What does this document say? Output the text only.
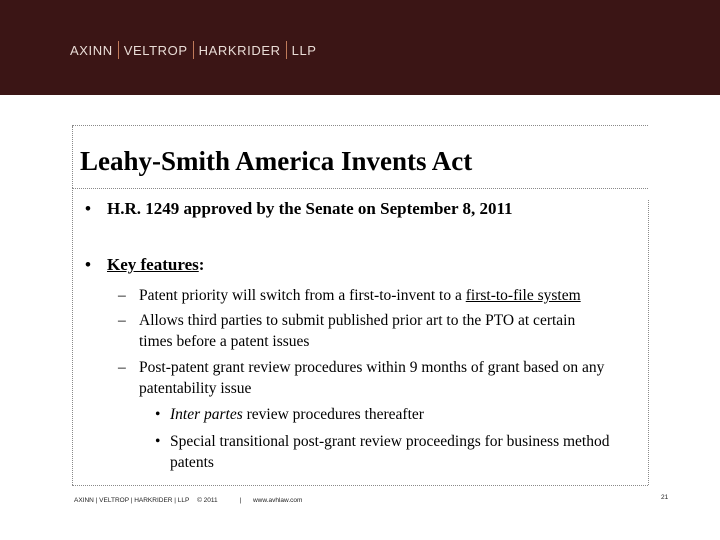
AXINN VELTROP HARKRIDER LLP
Leahy-Smith America Invents Act
• H.R. 1249 approved by the Senate on September 8, 2011
• Key features:
– Patent priority will switch from a first-to-invent to a first-to-file system
– Allows third parties to submit published prior art to the PTO at certain
times before a patent issues
– Post-patent grant review procedures within 9 months of grant based on any
patentability issue
• Inter partes review procedures thereafter
• Special transitional post-grant review proceedings for business method
patents
AXINN | VELTROP | HARKRIDER | LLP © 2011	| www.avhlaw.com	21
